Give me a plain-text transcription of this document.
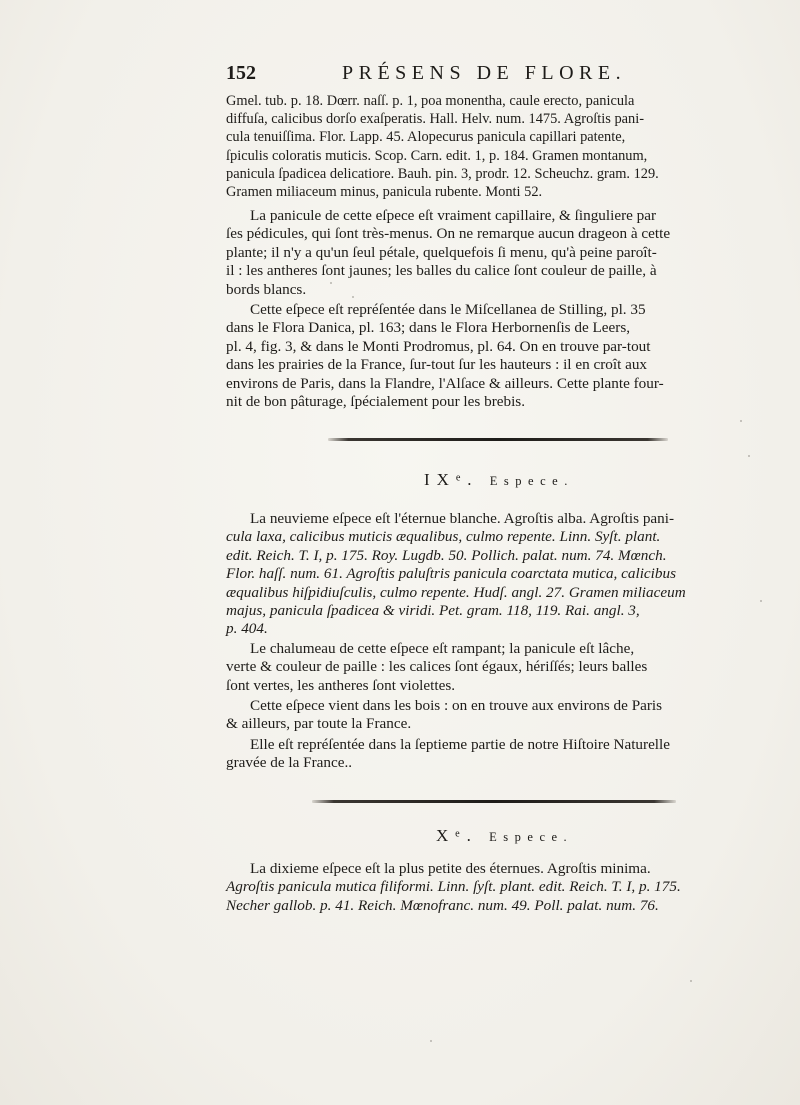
152	PRÉSENS DE FLORE.
Gmel. tub. p. 18. Dœrr. naſſ. p. 1, poa monentha, caule erecto, panicula
diffuſa, calicibus dorſo exaſperatis. Hall. Helv. num. 1475. Agroſtis pani-
cula tenuiſſima. Flor. Lapp. 45. Alopecurus panicula capillari patente,
ſpiculis coloratis muticis. Scop. Carn. edit. 1, p. 184. Gramen montanum,
panicula ſpadicea delicatiore. Bauh. pin. 3, prodr. 12. Scheuchz. gram. 129.
Gramen miliaceum minus, panicula rubente. Monti 52.
La panicule de cette eſpece eſt vraiment capillaire, & ſinguliere par
ſes pédicules, qui ſont très-menus. On ne remarque aucun drageon à cette
plante; il n'y a qu'un ſeul pétale, quelquefois ſi menu, qu'à peine paroît-
il : les antheres ſont jaunes; les balles du calice ſont couleur de paille, à
bords blancs.
Cette eſpece eſt repréſentée dans le Miſcellanea de Stilling, pl. 35
dans le Flora Danica, pl. 163; dans le Flora Herbornenſis de Leers,
pl. 4, fig. 3, & dans le Monti Prodromus, pl. 64. On en trouve par-tout
dans les prairies de la France, ſur-tout ſur les hauteurs : il en croît aux
environs de Paris, dans la Flandre, l'Alſace & ailleurs. Cette plante four-
nit de bon pâturage, ſpécialement pour les brebis.
IXᵉ. Espece.
La neuvieme eſpece eſt l'éternue blanche. Agroſtis alba. Agroſtis pani-
cula laxa, calicibus muticis æqualibus, culmo repente. Linn. Syſt. plant.
edit. Reich. T. I, p. 175. Roy. Lugdb. 50. Pollich. palat. num. 74. Mœnch.
Flor. haſſ. num. 61. Agroſtis paluſtris panicula coarctata mutica, calicibus
æqualibus hiſpidiuſculis, culmo repente. Hudſ. angl. 27. Gramen miliaceum
majus, panicula ſpadicea & viridi. Pet. gram. 118, 119. Rai. angl. 3,
p. 404.
Le chalumeau de cette eſpece eſt rampant; la panicule eſt lâche,
verte & couleur de paille : les calices ſont égaux, hériſſés; leurs balles
ſont vertes, les antheres ſont violettes.
Cette eſpece vient dans les bois : on en trouve aux environs de Paris
& ailleurs, par toute la France.
Elle eſt repréſentée dans la ſeptieme partie de notre Hiſtoire Naturelle
gravée de la France..
Xᵉ. Espece.
La dixieme eſpece eſt la plus petite des éternues. Agroſtis minima.
Agroſtis panicula mutica filiformi. Linn. ſyſt. plant. edit. Reich. T. I, p. 175.
Necher gallob. p. 41. Reich. Mœnofranc. num. 49. Poll. palat. num. 76.
